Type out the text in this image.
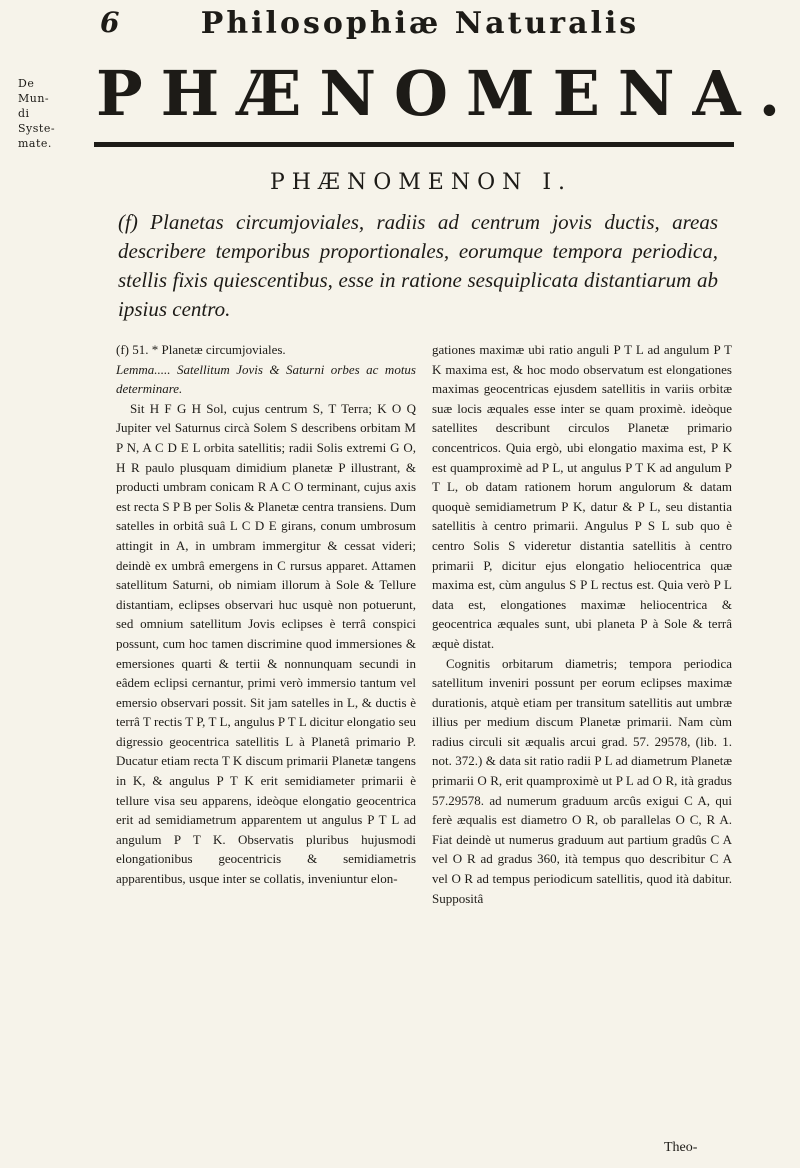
De Mun-
di Syste-
mate.
6	Philosophiæ Naturalis
PHÆNOMENA.
PHÆNOMENON I.
(f) Planetas circumjoviales, radiis ad centrum jovis ductis, areas describere temporibus proportionales, eorumque tempora periodica, stellis fixis quiescentibus, esse in ratione sesquiplicata distantiarum ab ipsius centro.

(f) 51. * Planetæ circumjoviales.

Lemma..... Satellitum Jovis & Saturni orbes ac motus determinare.

Sit H F G H Sol, cujus centrum S, T Terra; K O Q Jupiter vel Saturnus circà Solem S describens orbitam M P N, A C D E L orbita satellitis; radii Solis extremi G O, H R paulo plusquam dimidium planetæ P illustrant, & producti umbram conicam R A C O terminant, cujus axis est recta S P B per Solis & Planetæ centra transiens. Dum satelles in orbitâ suâ L C D E girans, conum umbrosum attingit in A, in umbram immergitur & cessat videri; deindè ex umbrâ emergens in C rursus apparet. Attamen satellitum Saturni, ob nimiam illorum à Sole & Tellure distantiam, eclipses observari huc usquè non potuerunt, sed omnium satellitum Jovis eclipses è terrâ conspici possunt, cum hoc tamen discrimine quod immersiones & emersiones quarti & tertii & nonnunquam secundi in eâdem eclipsi cernantur, primi verò immersio tantum vel emersio observari possit. Sit jam satelles in L, & ductis è terrâ T rectis T P, T L, angulus P T L dicitur elongatio seu digressio geocentrica satellitis L à Planetâ primario P. Ducatur etiam recta T K discum primarii Planetæ tangens in K, & angulus P T K erit semidiameter primarii è tellure visa seu apparens, ideòque elongatio geocentrica erit ad semidiametrum apparentem ut angulus P T L ad angulum P T K. Observatis pluribus hujusmodi elongationibus geocentricis & semidiametris apparentibus, usque inter se collatis, inveniuntur elon-

gationes maximæ ubi ratio anguli P T L ad angulum P T K maxima est, & hoc modo observatum est elongationes maximas geocentricas ejusdem satellitis in variis orbitæ suæ locis æquales esse inter se quam proximè. ideòque satellites describunt circulos Planetæ primario concentricos. Quia ergò, ubi elongatio maxima est, P K est quamproximè ad P L, ut angulus P T K ad angulum P T L, ob datam rationem horum angulorum & datam quoquè semidiametrum P K, datur & P L, seu distantia satellitis à centro primarii. Angulus P S L sub quo è centro Solis S videretur distantia satellitis à centro primarii P, dicitur ejus elongatio heliocentrica quæ maxima est, cùm angulus S P L rectus est. Quia verò P L data est, elongationes maximæ heliocentrica & geocentrica æquales sunt, ubi planeta P à Sole & terrâ æquè distat.

Cognitis orbitarum diametris; tempora periodica satellitum inveniri possunt per eorum eclipses maximæ durationis, atquè etiam per transitum satellitis aut umbræ illius per medium discum Planetæ primarii. Nam cùm radius circuli sit æqualis arcui grad. 57. 29578, (lib. 1. not. 372.) & data sit ratio radii P L ad diametrum Planetæ primarii O R, erit quamproximè ut P L ad O R, ità gradus 57.29578. ad numerum graduum arcûs exigui C A, qui ferè æqualis est diametro O R, ob parallelas O C, R A. Fiat deindè ut numerus graduum aut partium gradûs C A vel O R ad gradus 360, ità tempus quo describitur C A vel O R ad tempus periodicum satellitis, quod ità dabitur. Suppositâ

Theo-
